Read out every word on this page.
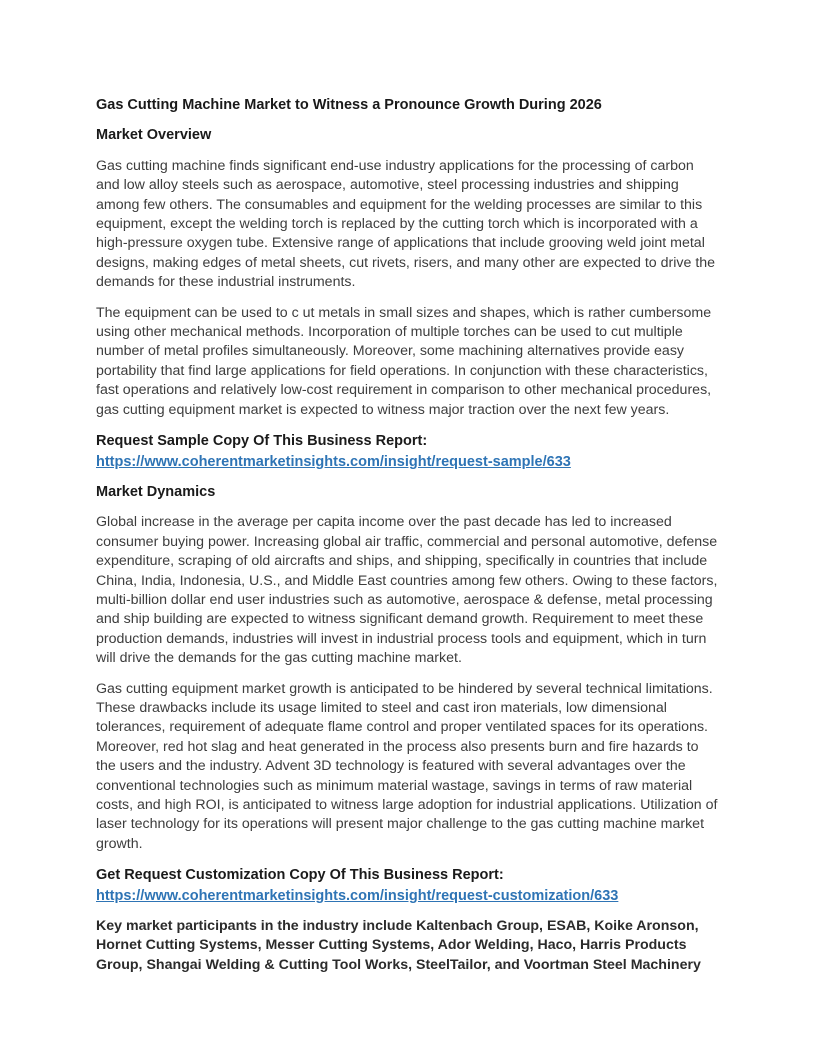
Gas Cutting Machine Market to Witness a Pronounce Growth During 2026

Market Overview

Gas cutting machine finds significant end-use industry applications for the processing of carbon and low alloy steels such as aerospace, automotive, steel processing industries and shipping among few others. The consumables and equipment for the welding processes are similar to this equipment, except the welding torch is replaced by the cutting torch which is incorporated with a high-pressure oxygen tube. Extensive range of applications that include grooving weld joint metal designs, making edges of metal sheets, cut rivets, risers, and many other are expected to drive the demands for these industrial instruments.

The equipment can be used to c ut metals in small sizes and shapes, which is rather cumbersome using other mechanical methods. Incorporation of multiple torches can be used to cut multiple number of metal profiles simultaneously. Moreover, some machining alternatives provide easy portability that find large applications for field operations. In conjunction with these characteristics, fast operations and relatively low-cost requirement in comparison to other mechanical procedures, gas cutting equipment market is expected to witness major traction over the next few years.

Request Sample Copy Of This Business Report:
https://www.coherentmarketinsights.com/insight/request-sample/633

Market Dynamics

Global increase in the average per capita income over the past decade has led to increased consumer buying power. Increasing global air traffic, commercial and personal automotive, defense expenditure, scraping of old aircrafts and ships, and shipping, specifically in countries that include China, India, Indonesia, U.S., and Middle East countries among few others. Owing to these factors, multi-billion dollar end user industries such as automotive, aerospace & defense, metal processing and ship building are expected to witness significant demand growth. Requirement to meet these production demands, industries will invest in industrial process tools and equipment, which in turn will drive the demands for the gas cutting machine market.

Gas cutting equipment market growth is anticipated to be hindered by several technical limitations. These drawbacks include its usage limited to steel and cast iron materials, low dimensional tolerances, requirement of adequate flame control and proper ventilated spaces for its operations. Moreover, red hot slag and heat generated in the process also presents burn and fire hazards to the users and the industry. Advent 3D technology is featured with several advantages over the conventional technologies such as minimum material wastage, savings in terms of raw material costs, and high ROI, is anticipated to witness large adoption for industrial applications. Utilization of laser technology for its operations will present major challenge to the gas cutting machine market growth.

Get Request Customization Copy Of This Business Report:
https://www.coherentmarketinsights.com/insight/request-customization/633

Key market participants in the industry include Kaltenbach Group, ESAB, Koike Aronson, Hornet Cutting Systems, Messer Cutting Systems, Ador Welding, Haco, Harris Products Group, Shangai Welding & Cutting Tool Works, SteelTailor, and Voortman Steel Machinery
